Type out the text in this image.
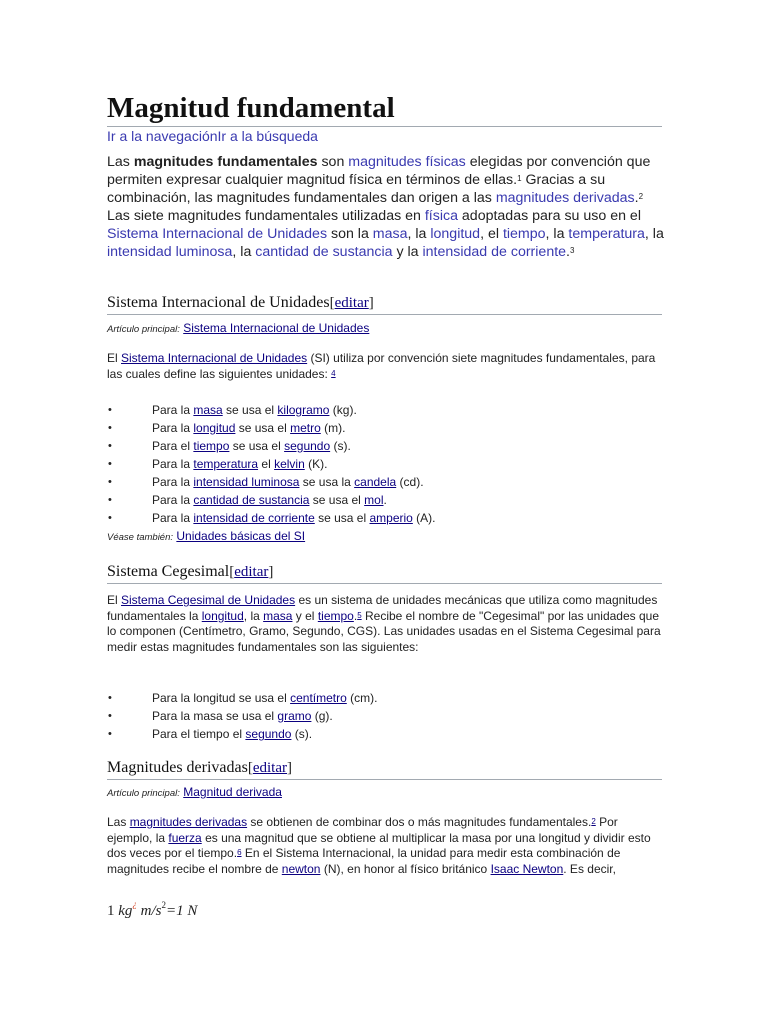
Magnitud fundamental
Ir a la navegaciónIr a la búsqueda
Las magnitudes fundamentales son magnitudes físicas elegidas por convención que permiten expresar cualquier magnitud física en términos de ellas.$^1$ Gracias a su combinación, las magnitudes fundamentales dan origen a las magnitudes derivadas.$^2$ Las siete magnitudes fundamentales utilizadas en física adoptadas para su uso en el Sistema Internacional de Unidades son la masa, la longitud, el tiempo, la temperatura, la intensidad luminosa, la cantidad de sustancia y la intensidad de corriente.$^3$
Sistema Internacional de Unidades[editar]
Artículo principal: Sistema Internacional de Unidades
El Sistema Internacional de Unidades (SI) utiliza por convención siete magnitudes fundamentales, para las cuales define las siguientes unidades: $^4$
•	Para la masa se usa el kilogramo (kg).
•	Para la longitud se usa el metro (m).
•	Para el tiempo se usa el segundo (s).
•	Para la temperatura el kelvin (K).
•	Para la intensidad luminosa se usa la candela (cd).
•	Para la cantidad de sustancia se usa el mol.
•	Para la intensidad de corriente se usa el amperio (A).
Véase también: Unidades básicas del SI
Sistema Cegesimal[editar]
El Sistema Cegesimal de Unidades es un sistema de unidades mecánicas que utiliza como magnitudes fundamentales la longitud, la masa y el tiempo.$^5$ Recibe el nombre de "Cegesimal" por las unidades que lo componen (Centímetro, Gramo, Segundo, CGS). Las unidades usadas en el Sistema Cegesimal para medir estas magnitudes fundamentales son las siguientes:
•	Para la longitud se usa el centímetro (cm).
•	Para la masa se usa el gramo (g).
•	Para el tiempo el segundo (s).
Magnitudes derivadas[editar]
Artículo principal: Magnitud derivada
Las magnitudes derivadas se obtienen de combinar dos o más magnitudes fundamentales.$^2$ Por ejemplo, la fuerza es una magnitud que se obtiene al multiplicar la masa por una longitud y dividir esto dos veces por el tiempo.$^6$ En el Sistema Internacional, la unidad para medir esta combinación de magnitudes recibe el nombre de newton (N), en honor al físico británico Isaac Newton. Es decir,
1 kg¿ $m/s^2=1$ N
